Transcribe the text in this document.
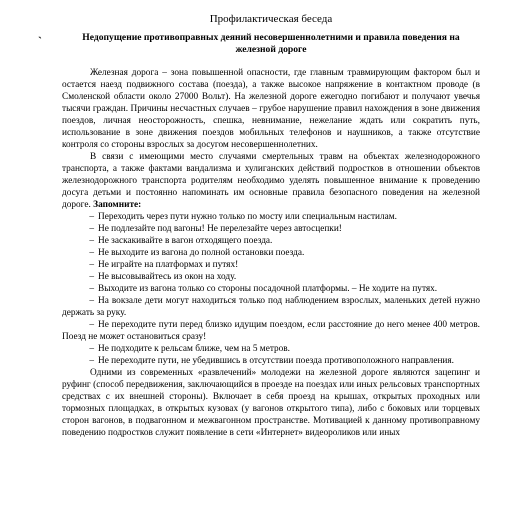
`
Профилактическая беседа
Недопущение противоправных деяний несовершеннолетними и правила поведения на железной дороге

Железная дорога – зона повышенной опасности, где главным травмирующим фактором был и остается наезд подвижного состава (поезда), а также высокое напряжение в контактном проводе (в Смоленской области около 27000 Вольт). На железной дороге ежегодно погибают и получают увечья тысячи граждан. Причины несчастных случаев – грубое нарушение правил нахождения в зоне движения поездов, личная неосторожность, спешка, невнимание, нежелание ждать или сократить путь, использование в зоне движения поездов мобильных телефонов и наушников, а также отсутствие контроля со стороны взрослых за досугом несовершеннолетних.

В связи с имеющими место случаями смертельных травм на объектах железнодорожного транспорта, а также фактами вандализма и хулиганских действий подростков в отношении объектов железнодорожного транспорта родителям необходимо уделять повышенное внимание к проведению досуга детьми и постоянно напоминать им основные правила безопасного поведения на железной дороге. Запомните:

– Переходить через пути нужно только по мосту или специальным настилам.

– Не подлезайте под вагоны! Не перелезайте через автосцепки!

– Не заскакивайте в вагон отходящего поезда.

– Не выходите из вагона до полной остановки поезда.

– Не играйте на платформах и путях!

– Не высовывайтесь из окон на ходу.

– Выходите из вагона только со стороны посадочной платформы. – Не ходите на путях.

– На вокзале дети могут находиться только под наблюдением взрослых, маленьких детей нужно держать за руку.

– Не переходите пути перед близко идущим поездом, если расстояние до него менее 400 метров. Поезд не может остановиться сразу!

– Не подходите к рельсам ближе, чем на 5 метров.

– Не переходите пути, не убедившись в отсутствии поезда противоположного направления.

Одними из современных «развлечений» молодежи на железной дороге являются зацепинг и руфинг (способ передвижения, заключающийся в проезде на поездах или иных рельсовых транспортных средствах с их внешней стороны). Включает в себя проезд на крышах, открытых проходных или тормозных площадках, в открытых кузовах (у вагонов открытого типа), либо с боковых или торцевых сторон вагонов, в подвагонном и межвагонном пространстве. Мотивацией к данному противоправному поведению подростков служит появление в сети «Интернет» видеороликов или иных
